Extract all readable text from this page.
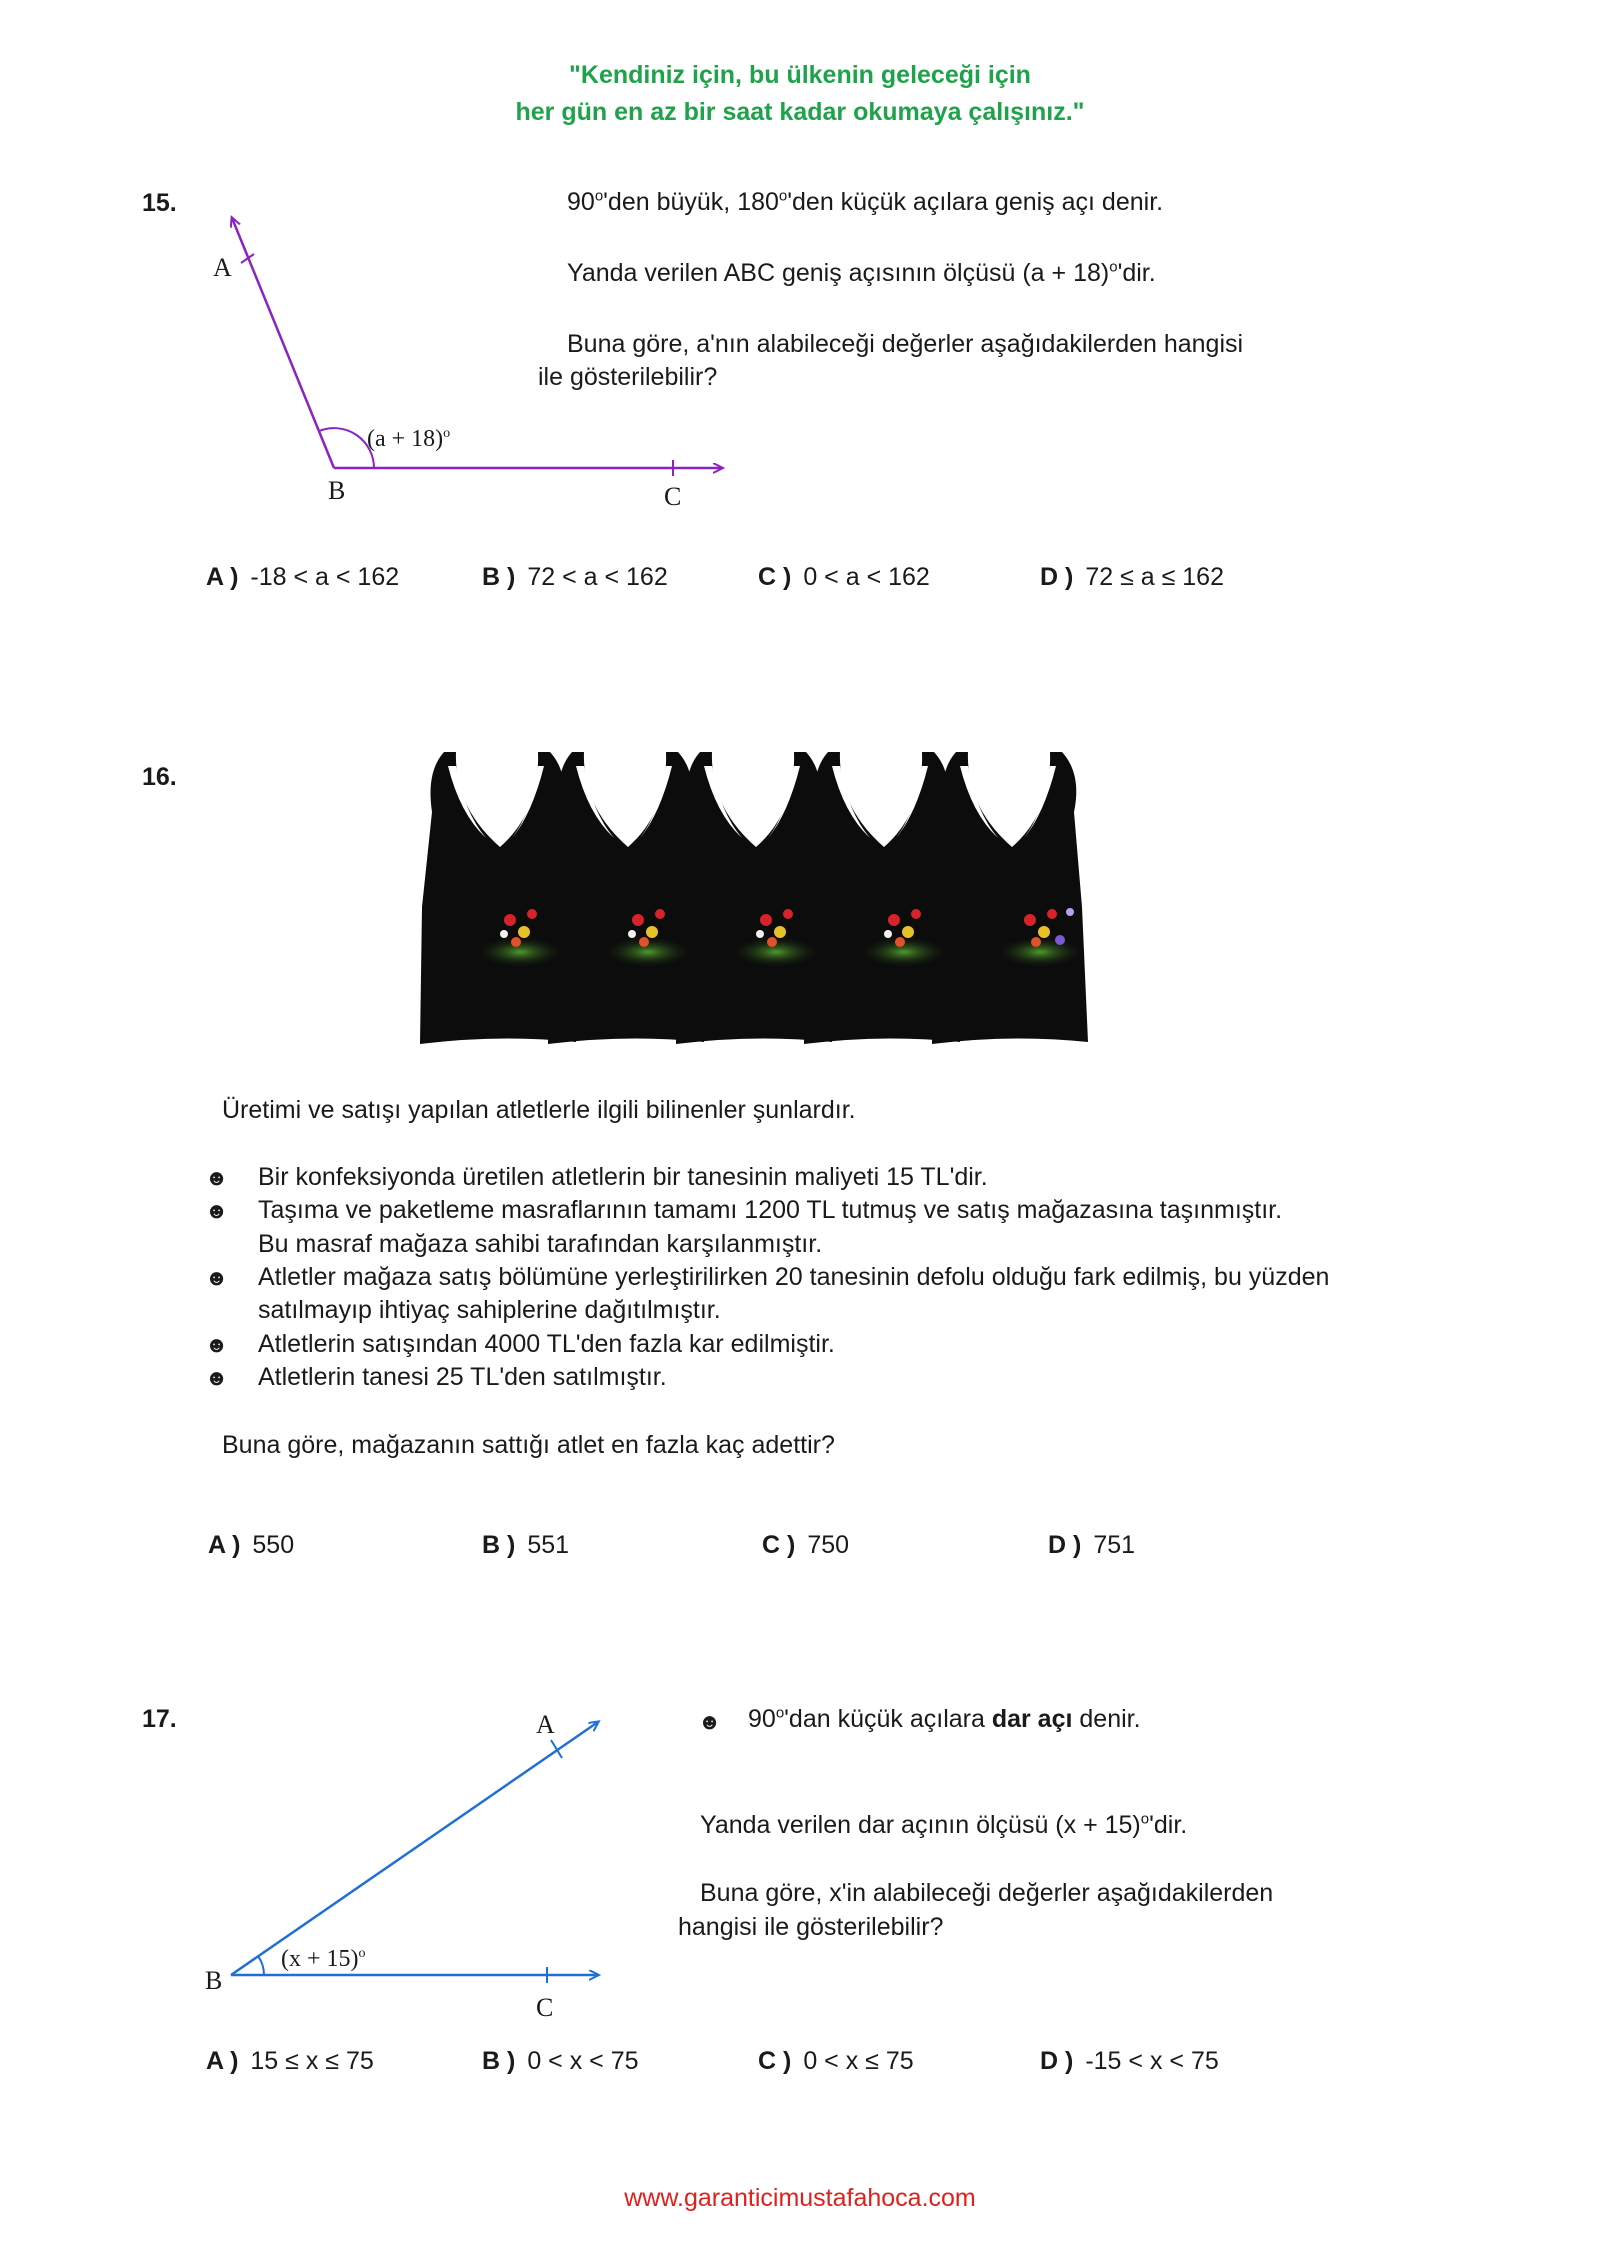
"Kendiniz için, bu ülkenin geleceği için
her gün en az bir saat kadar okumaya çalışınız."
15.
A
B	C
$(a + 18)^o$
90$^o$'den büyük, 180$^o$'den küçük açılara geniş açı denir.
Yanda verilen ABC geniş açısının ölçüsü $(a + 18)^o'dir$.
Buna göre, a'nın alabileceği değerler aşağıdakilerden hangisi
ile gösterilebilir?
A ) -18 < a < 162	B ) 72 < a < 162	C ) 0 < a < 162	D ) 72 ≤ a ≤ 162
16.
Üretimi ve satışı yapılan atletlerle ilgili bilinenler şunlardır.
☻ Bir konfeksiyonda üretilen atletlerin bir tanesinin maliyeti 15 TL'dir.
☻ Taşıma ve paketleme masraflarının tamamı 1200 TL tutmuş ve satış mağazasına taşınmıştır.
Bu masraf mağaza sahibi tarafından karşılanmıştır.
☻ Atletler mağaza satış bölümüne yerleştirilirken 20 tanesinin defolu olduğu fark edilmiş, bu yüzden
satılmayıp ihtiyaç sahiplerine dağıtılmıştır.
☻ Atletlerin satışından 4000 TL'den fazla kar edilmiştir.
☻ Atletlerin tanesi 25 TL'den satılmıştır.
Buna göre, mağazanın sattığı atlet en fazla kaç adettir?
A ) 550	B ) 551	C ) 750	D ) 751
17.	A
B
C
$(x + 15)^o$
☻ 90$^o$'dan küçük açılara dar açı denir.
Yanda verilen dar açının ölçüsü $(x + 15)^o'dir$.
Buna göre, x'in alabileceği değerler aşağıdakilerden
hangisi ile gösterilebilir?
A ) 15 ≤ x ≤ 75	B ) 0 < x < 75	C ) 0 < x ≤ 75	D ) -15 < x < 75
www.garanticimustafahoca.com
